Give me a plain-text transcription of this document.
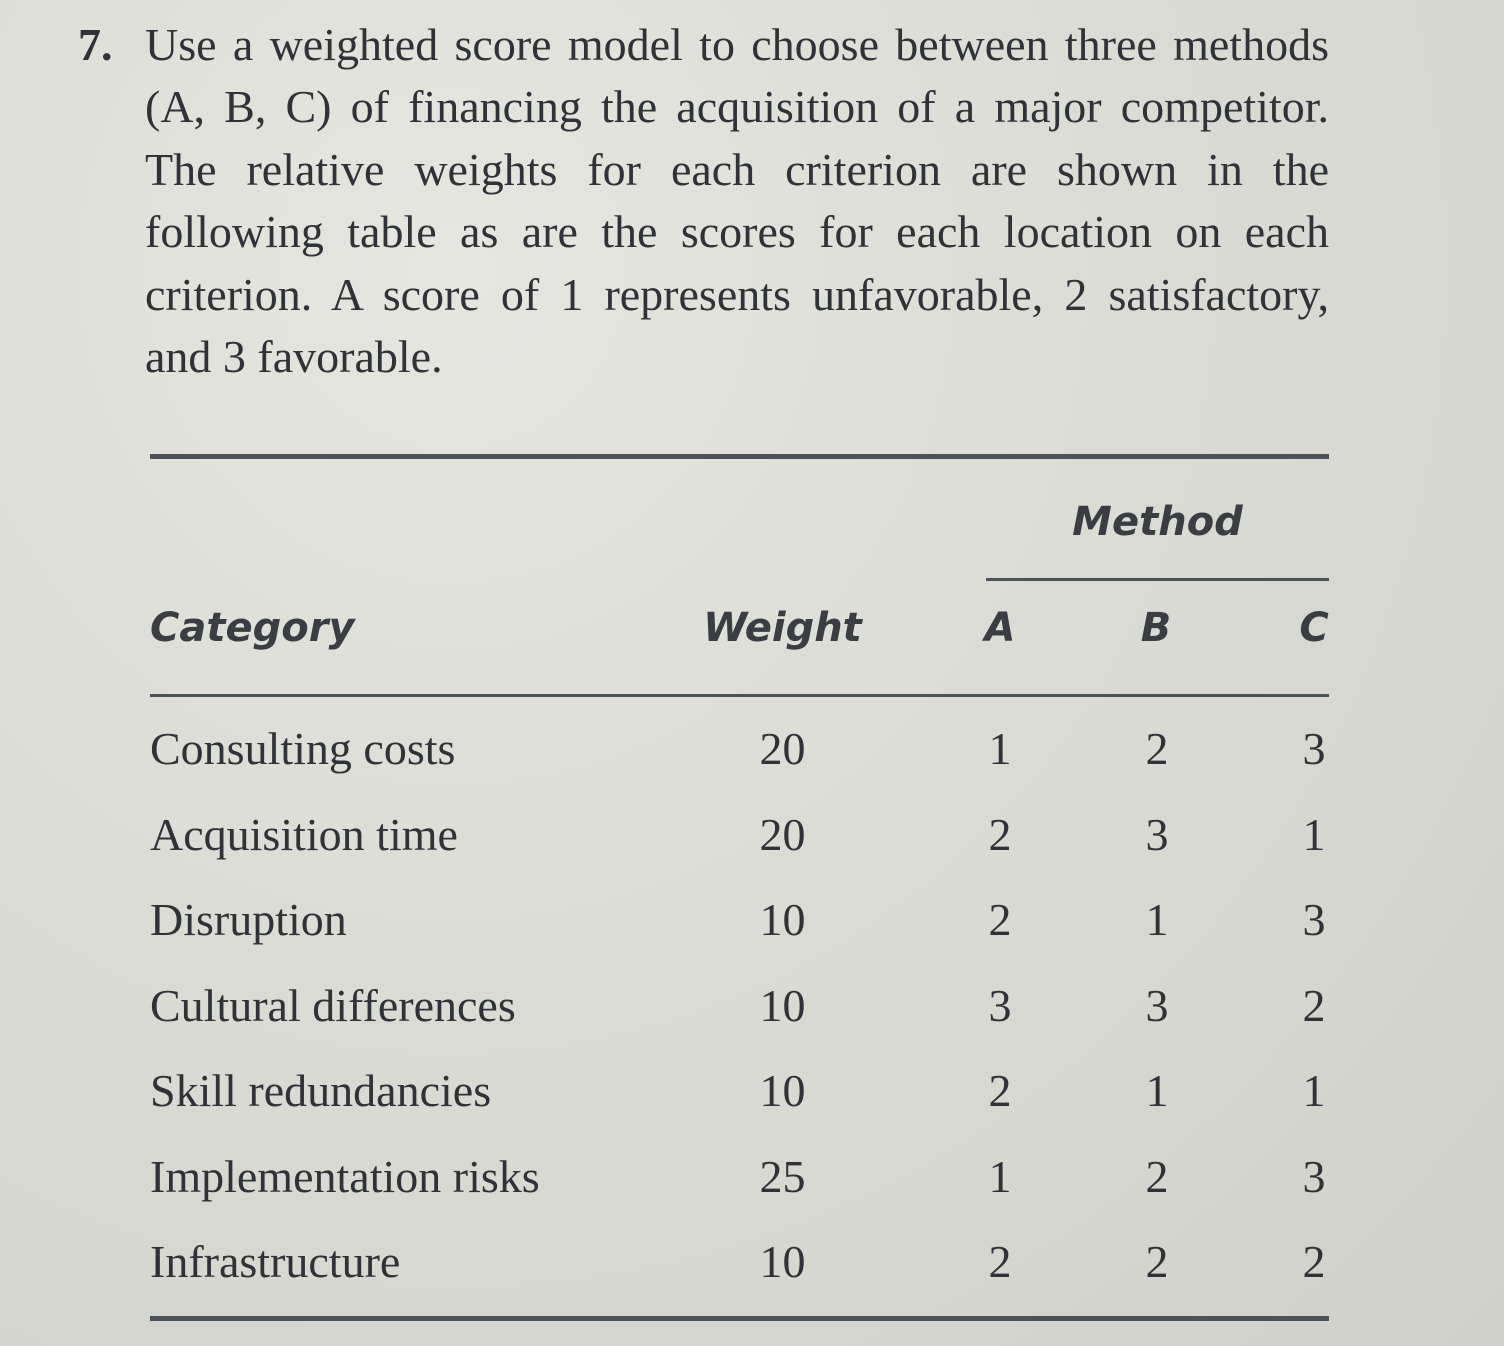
7. Use a weighted score model to choose between three methods (A, B, C) of financing the acquisition of a major competitor. The relative weights for each criterion are shown in the following table as are the scores for each location on each criterion. A score of 1 represents unfavorable, 2 satisfactory, and 3 favorable.
Method
Category	Weight	A	B	C
Consulting costs	20	1	2	3
Acquisition time	20	2	3	1
Disruption	10	2	1	3
Cultural differences	10	3	3	2
Skill redundancies	10	2	1	1
Implementation risks	25	1	2	3
Infrastructure	10	2	2	2
